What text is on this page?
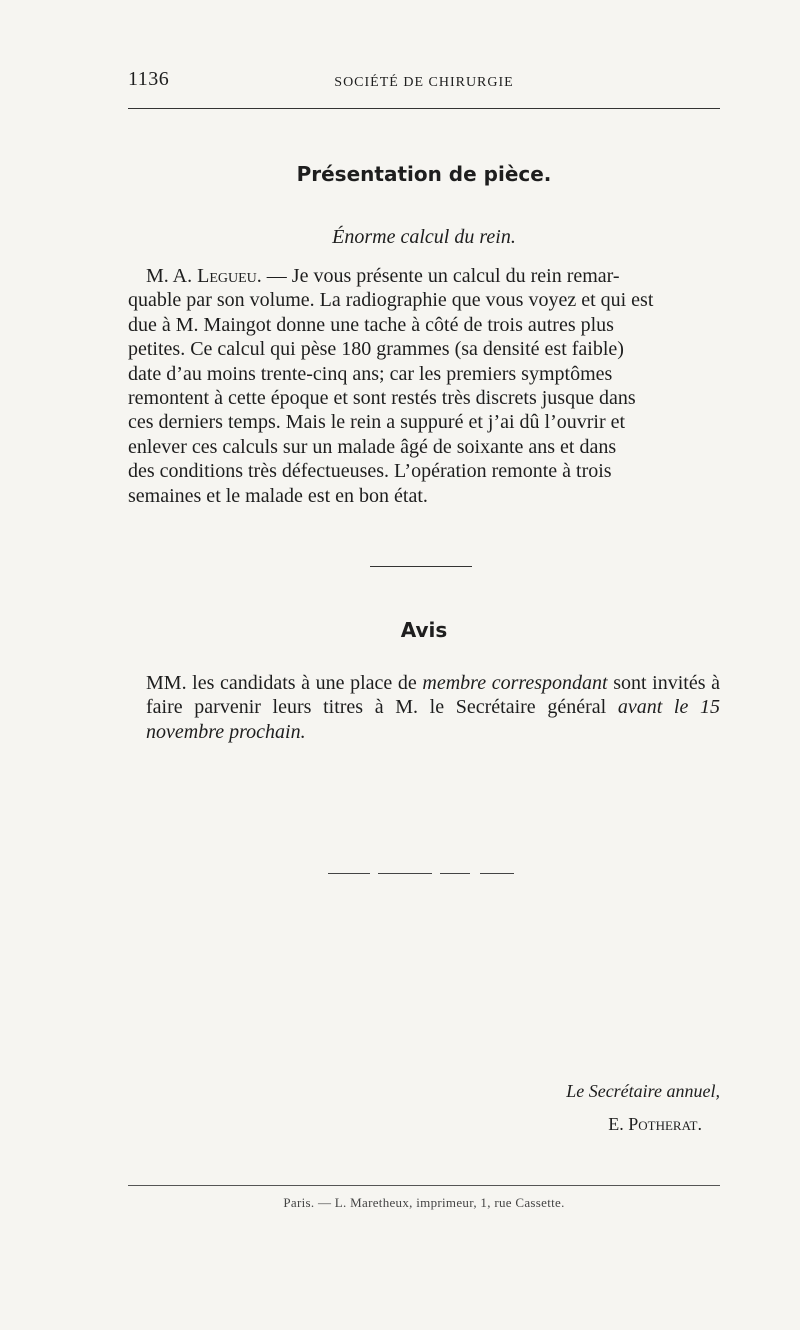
1136	SOCIÉTÉ DE CHIRURGIE
Présentation de pièce.
Énorme calcul du rein.
M. A. Legueu. — Je vous présente un calcul du rein remar-
quable par son volume. La radiographie que vous voyez et qui est
due à M. Maingot donne une tache à côté de trois autres plus
petites. Ce calcul qui pèse 180 grammes (sa densité est faible)
date d’au moins trente-cinq ans; car les premiers symptômes
remontent à cette époque et sont restés très discrets jusque dans
ces derniers temps. Mais le rein a suppuré et j’ai dû l’ouvrir et
enlever ces calculs sur un malade âgé de soixante ans et dans
des conditions très défectueuses. L’opération remonte à trois
semaines et le malade est en bon état.
Avis
MM. les candidats à une place de membre correspondant sont invités à faire parvenir leurs titres à M. le Secrétaire général avant le 15 novembre prochain.
Le Secrétaire annuel,
E. Potherat.
Paris. — L. Maretheux, imprimeur, 1, rue Cassette.
